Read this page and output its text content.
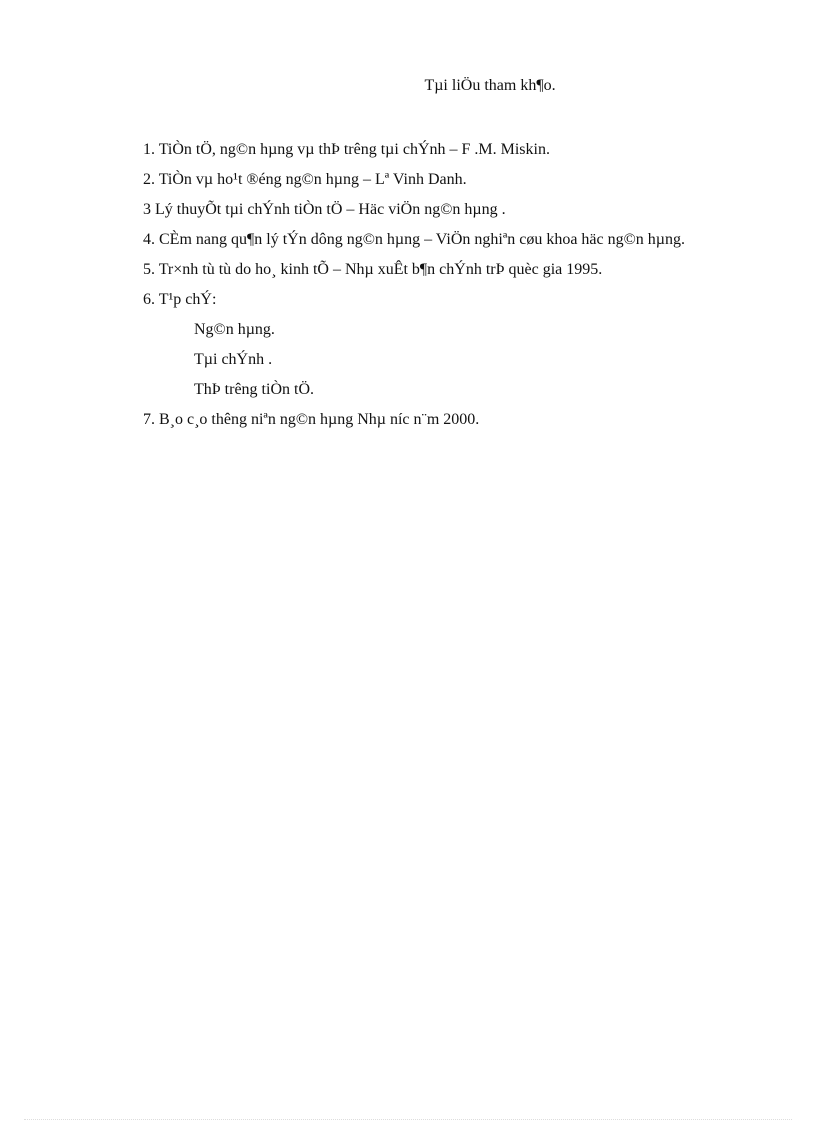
Tµi liÖu tham kh¶o.
1. TiÒn tÖ, ng©n hµng vµ thÞ trêng tµi chÝnh – F .M. Miskin.
2. TiÒn vµ ho¹t ®éng ng©n hµng – Lª Vinh Danh.
3 Lý thuyÕt tµi chÝnh tiÒn tÖ – Häc viÖn ng©n hµng .
4. CÈm nang qu¶n lý tÝn dông ng©n hµng – ViÖn nghiªn cøu khoa häc ng©n hµng.
5. Tr×nh tù tù do ho¸ kinh tÕ – Nhµ xuÊt b¶n chÝnh trÞ quèc gia 1995.
6. T¹p chÝ:
Ng©n hµng.
Tµi chÝnh .
ThÞ trêng tiÒn tÖ.
7. B¸o c¸o thêng niªn ng©n hµng Nhµ níc n¨m 2000.
